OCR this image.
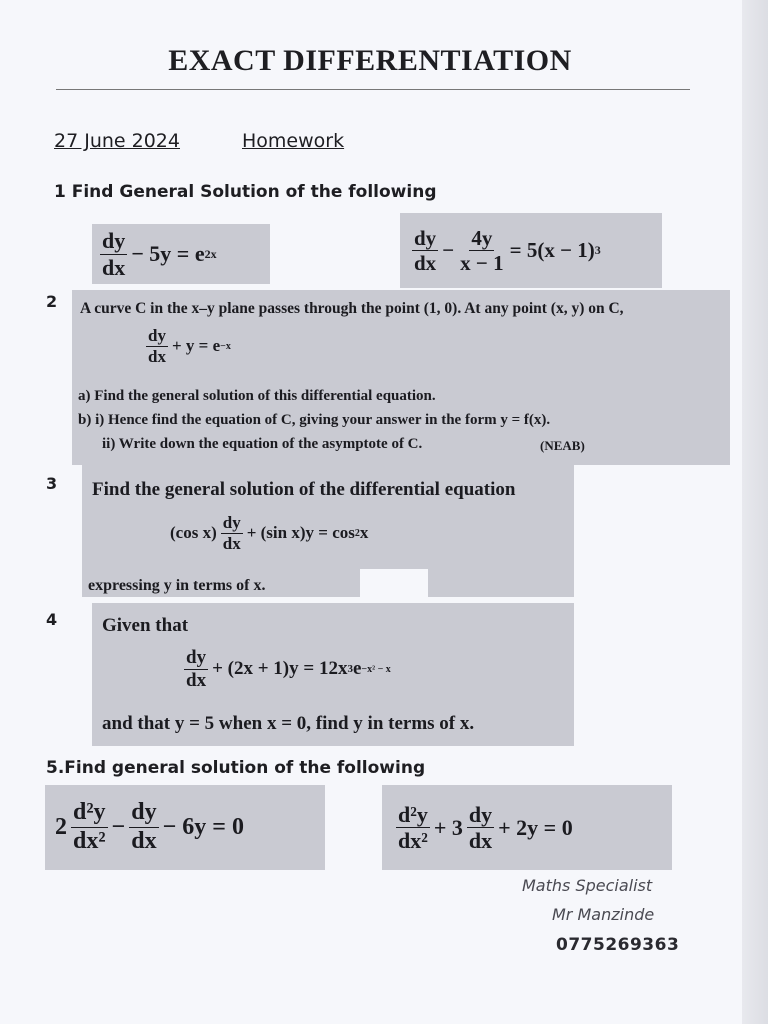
EXACT DIFFERENTIATION
27 June 2024	Homework
1 Find General Solution of the following
$\frac{dy}{dx} - 5y = e$ 2x	$\frac{dy}{dx} - \frac{4y}{x - 1} = 5(x - 1)$ 3
2 A curve C in the x–y plane passes through the point (1, 0). At any point (x, y) on C,
$\frac{dy}{dx} + y = e -x$
a) Find the general solution of this differential equation.
b) i) Hence find the equation of C, giving your answer in the form y = f(x).
ii) Write down the equation of the asymptote of C.	(NEAB)
3 Find the general solution of the differential equation
(cos $x) \frac{dy}{dx} + (\sin$ x)y = cos 2 x
expressing y in terms of x.
4 Given that
$\frac{dy}{dx} + (2x + 1)y = 12x$ 3 e −x² − x
and that y = 5 when x = 0, find y in terms of x.
5.Find general solution of the following
$2 \frac{\text{d²y}}{\text{dx²}} - \frac{dy}{dx} - 6y = 0$	$\frac{\text{d²y}}{\text{dx²}} + 3 \frac{dy}{dx} + 2y = 0$
Maths Specialist
Mr Manzinde
0775269363
